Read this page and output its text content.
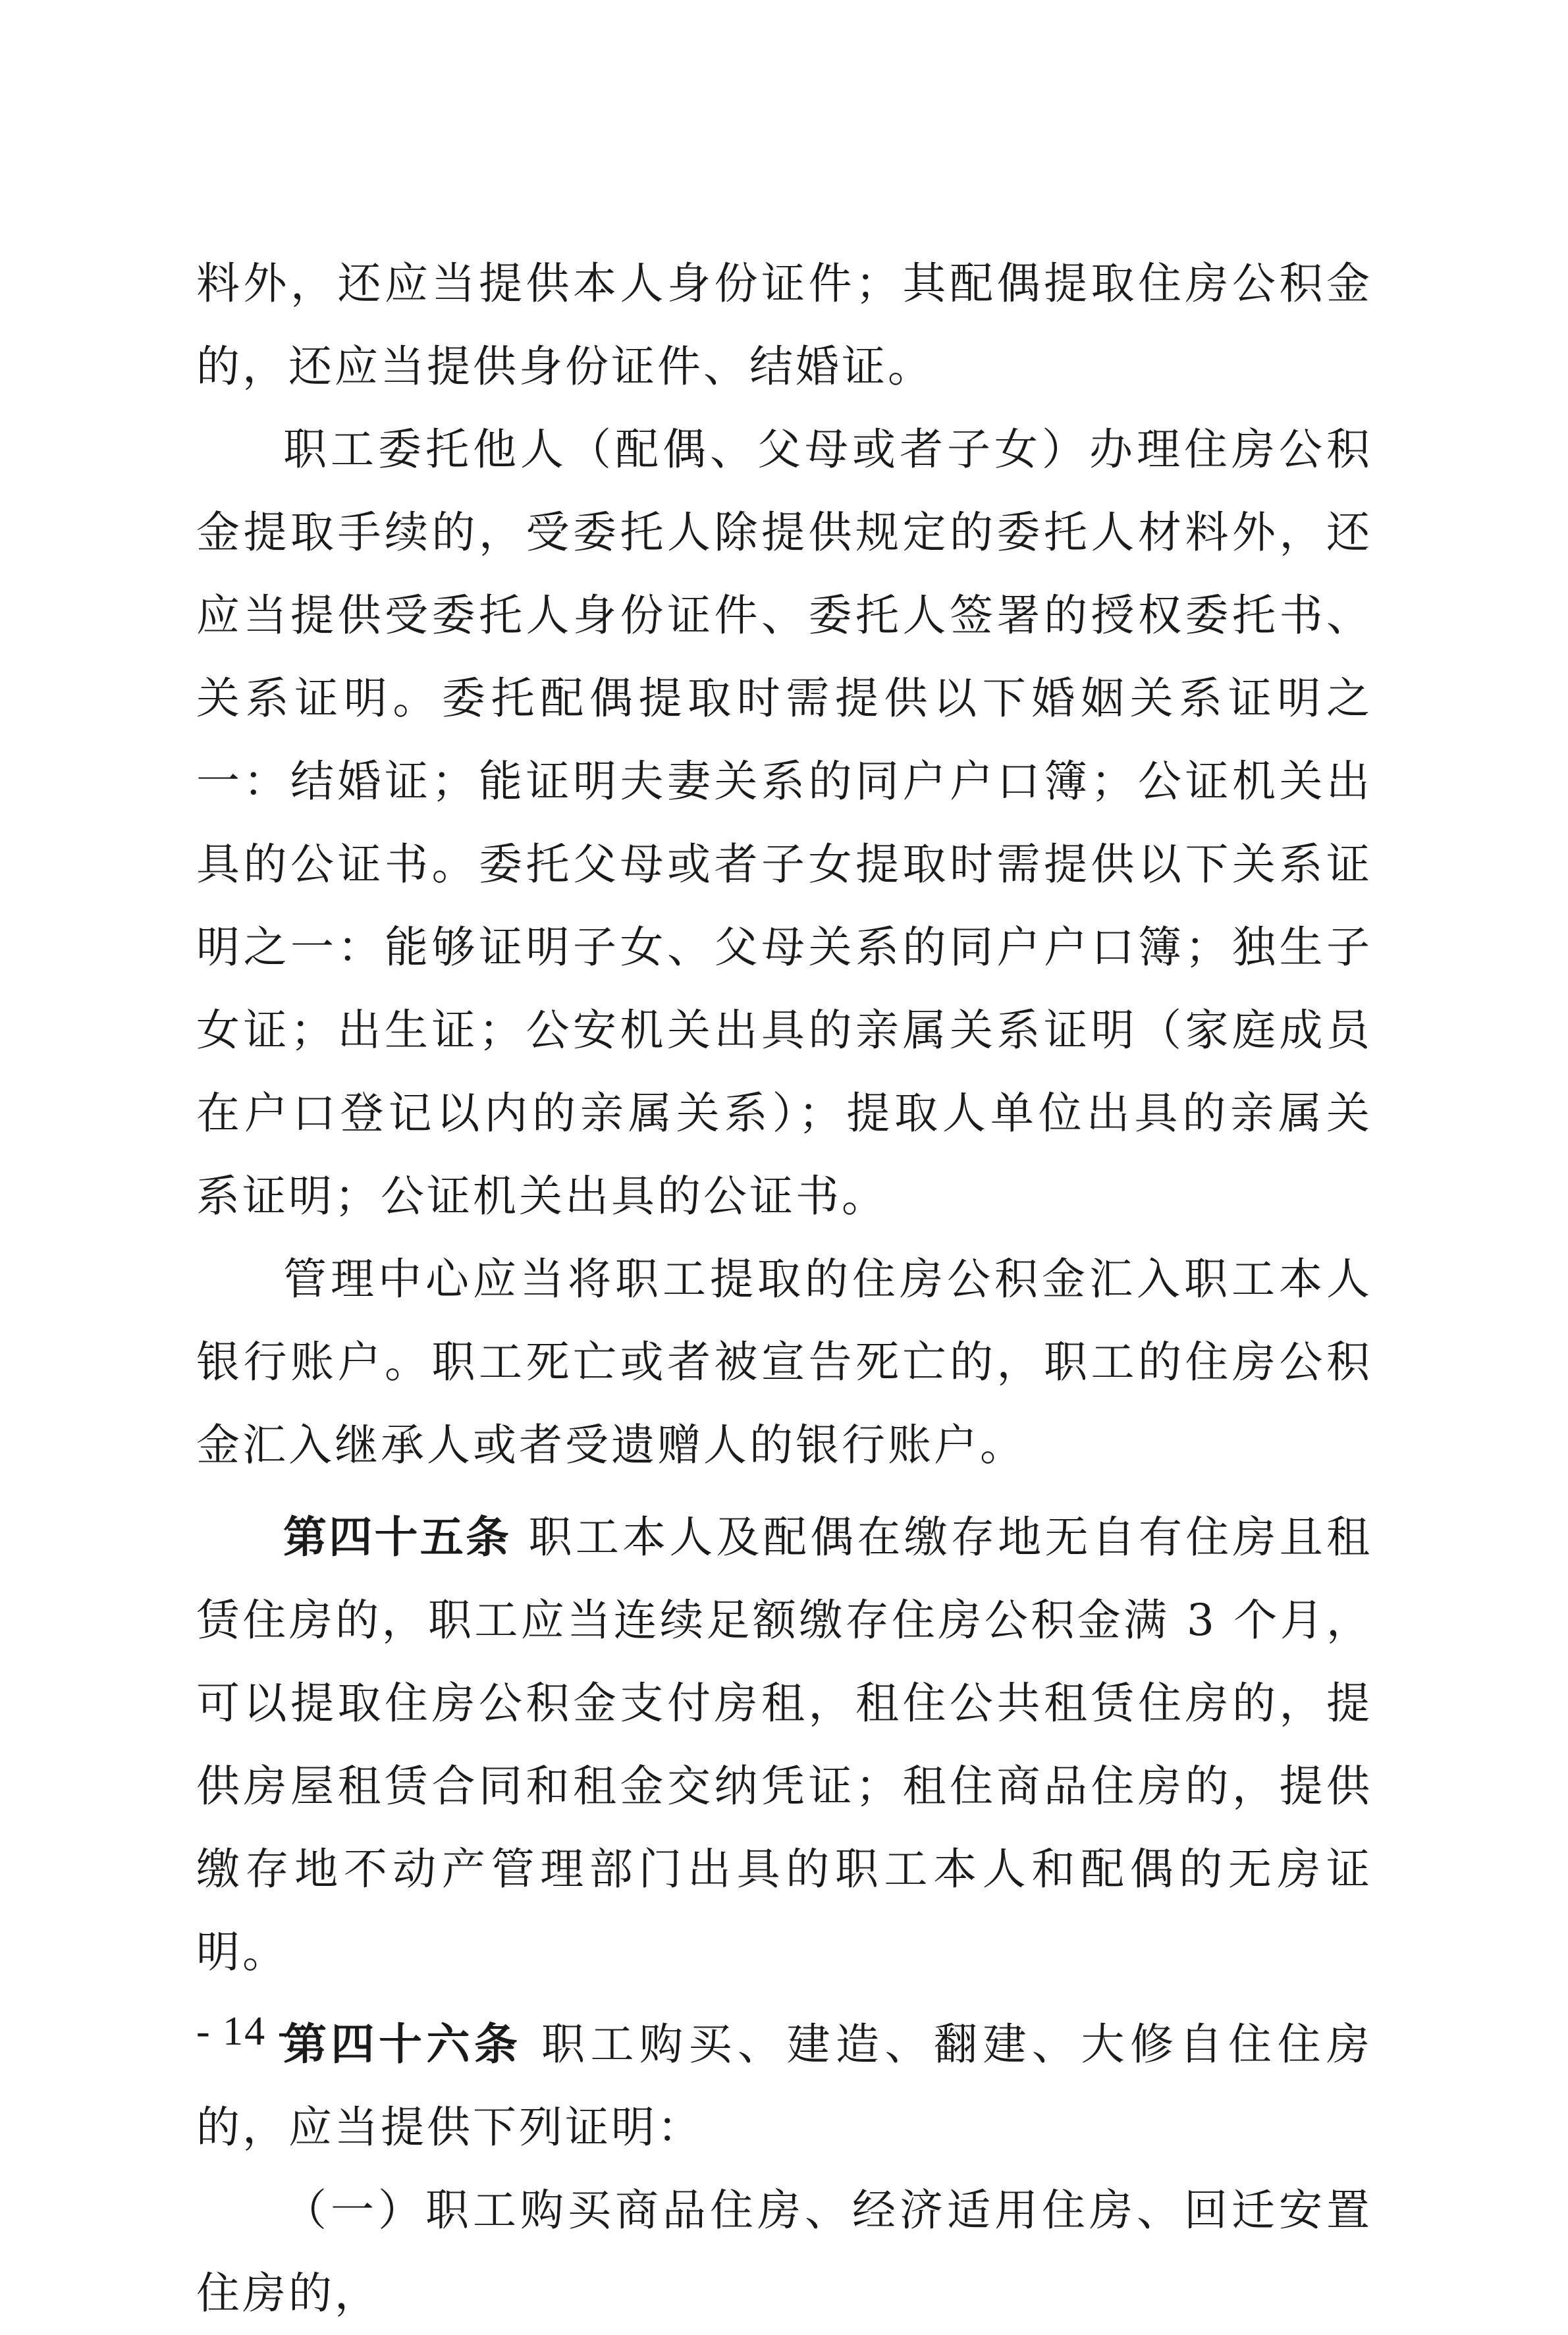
料外，还应当提供本人身份证件；其配偶提取住房公积金的，还应当提供身份证件、结婚证。

职工委托他人（配偶、父母或者子女）办理住房公积金提取手续的，受委托人除提供规定的委托人材料外，还应当提供受委托人身份证件、委托人签署的授权委托书、关系证明。委托配偶提取时需提供以下婚姻关系证明之一：结婚证；能证明夫妻关系的同户户口簿；公证机关出具的公证书。委托父母或者子女提取时需提供以下关系证明之一：能够证明子女、父母关系的同户户口簿；独生子女证；出生证；公安机关出具的亲属关系证明（家庭成员在户口登记以内的亲属关系）；提取人单位出具的亲属关系证明；公证机关出具的公证书。

管理中心应当将职工提取的住房公积金汇入职工本人银行账户。职工死亡或者被宣告死亡的，职工的住房公积金汇入继承人或者受遗赠人的银行账户。

第四十五条 职工本人及配偶在缴存地无自有住房且租赁住房的，职工应当连续足额缴存住房公积金满 3 个月，可以提取住房公积金支付房租，租住公共租赁住房的，提供房屋租赁合同和租金交纳凭证；租住商品住房的，提供缴存地不动产管理部门出具的职工本人和配偶的无房证明。

第四十六条 职工购买、建造、翻建、大修自住住房的，应当提供下列证明：

（一）职工购买商品住房、经济适用住房、回迁安置住房的，

- 14 -
